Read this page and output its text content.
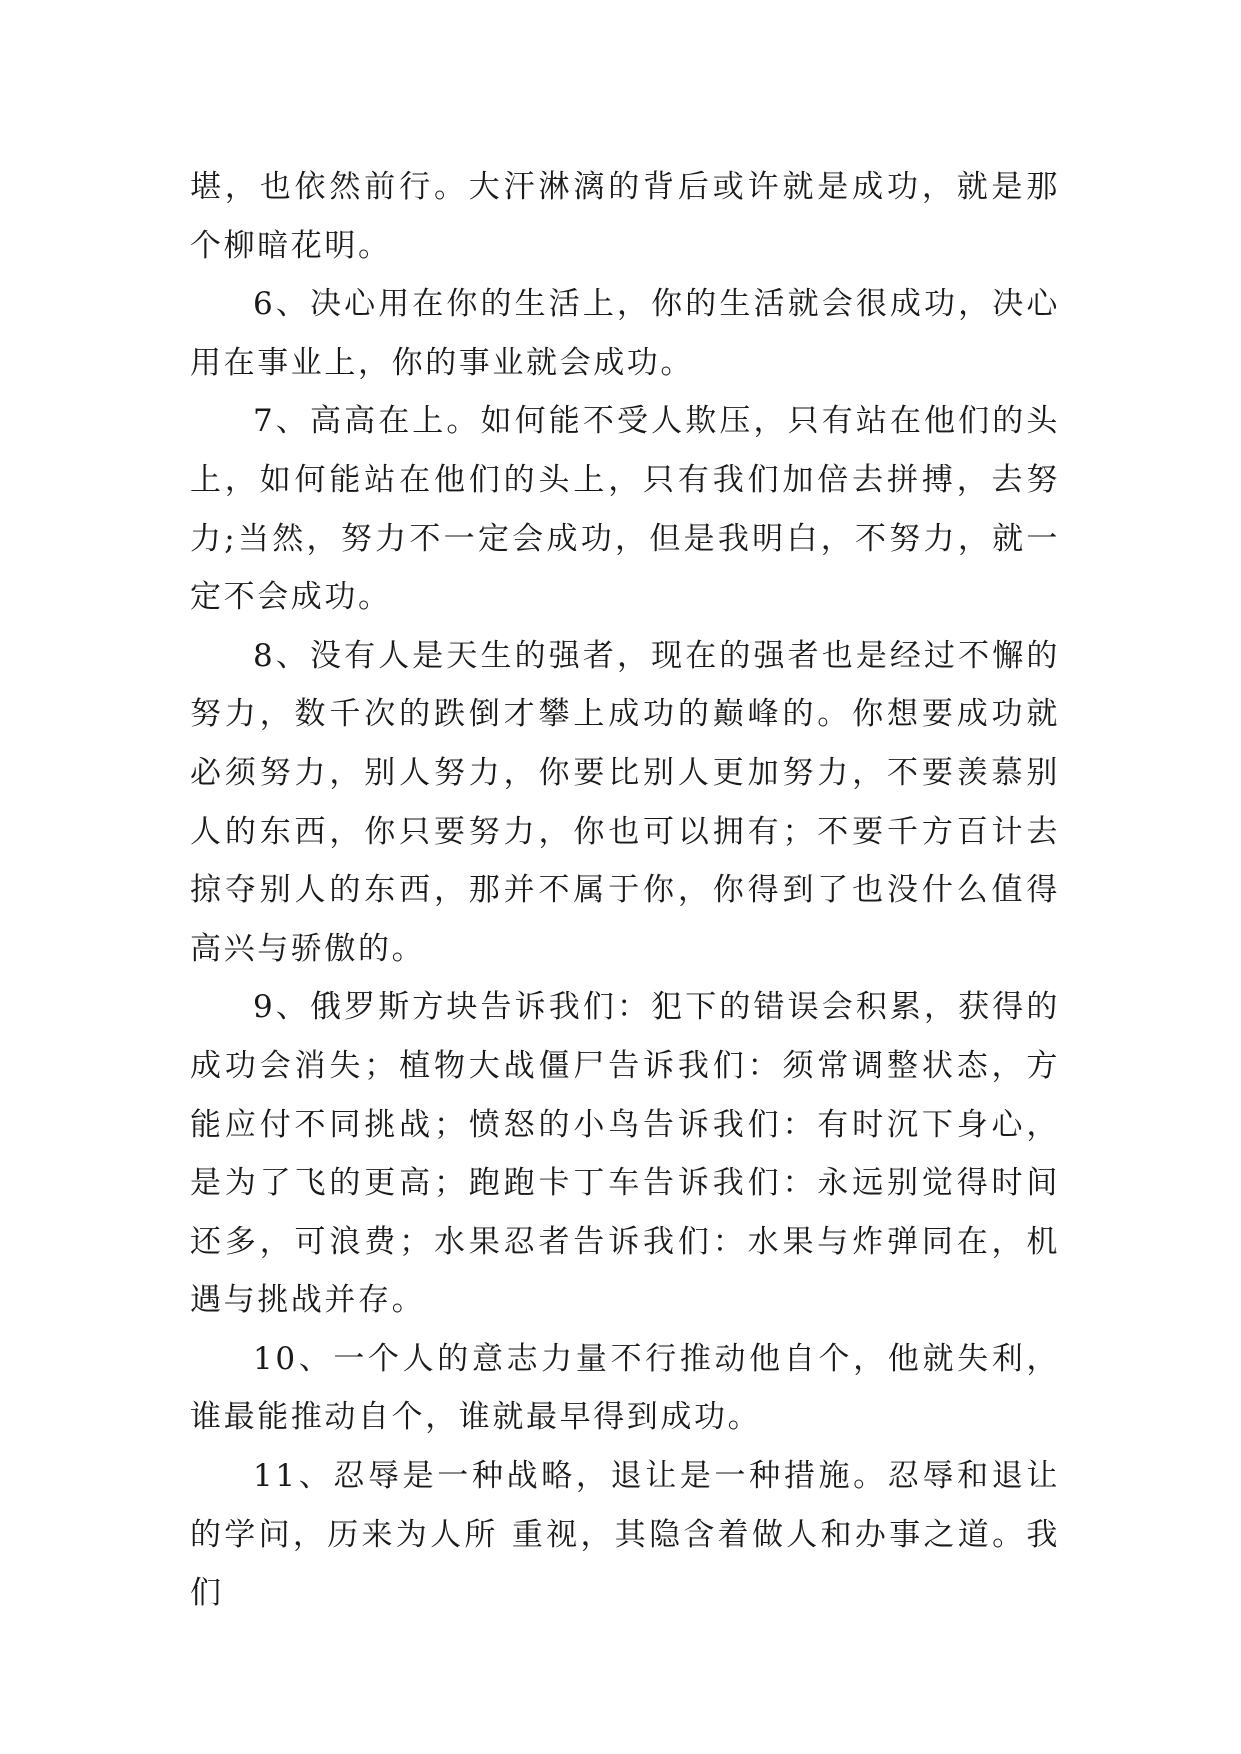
堪，也依然前行。大汗淋漓的背后或许就是成功，就是那个柳暗花明。

6、决心用在你的生活上，你的生活就会很成功，决心用在事业上，你的事业就会成功。

7、高高在上。如何能不受人欺压，只有站在他们的头上，如何能站在他们的头上，只有我们加倍去拼搏，去努力;当然，努力不一定会成功，但是我明白，不努力，就一定不会成功。

8、没有人是天生的强者，现在的强者也是经过不懈的努力，数千次的跌倒才攀上成功的巅峰的。你想要成功就必须努力，别人努力，你要比别人更加努力，不要羡慕别人的东西，你只要努力，你也可以拥有；不要千方百计去掠夺别人的东西，那并不属于你，你得到了也没什么值得高兴与骄傲的。

9、俄罗斯方块告诉我们：犯下的错误会积累，获得的成功会消失；植物大战僵尸告诉我们：须常调整状态，方能应付不同挑战；愤怒的小鸟告诉我们：有时沉下身心，是为了飞的更高；跑跑卡丁车告诉我们：永远别觉得时间还多，可浪费；水果忍者告诉我们：水果与炸弹同在，机遇与挑战并存。

10、一个人的意志力量不行推动他自个，他就失利，谁最能推动自个，谁就最早得到成功。

11、忍辱是一种战略，退让是一种措施。忍辱和退让的学问，历来为人所 重视，其隐含着做人和办事之道。我们
